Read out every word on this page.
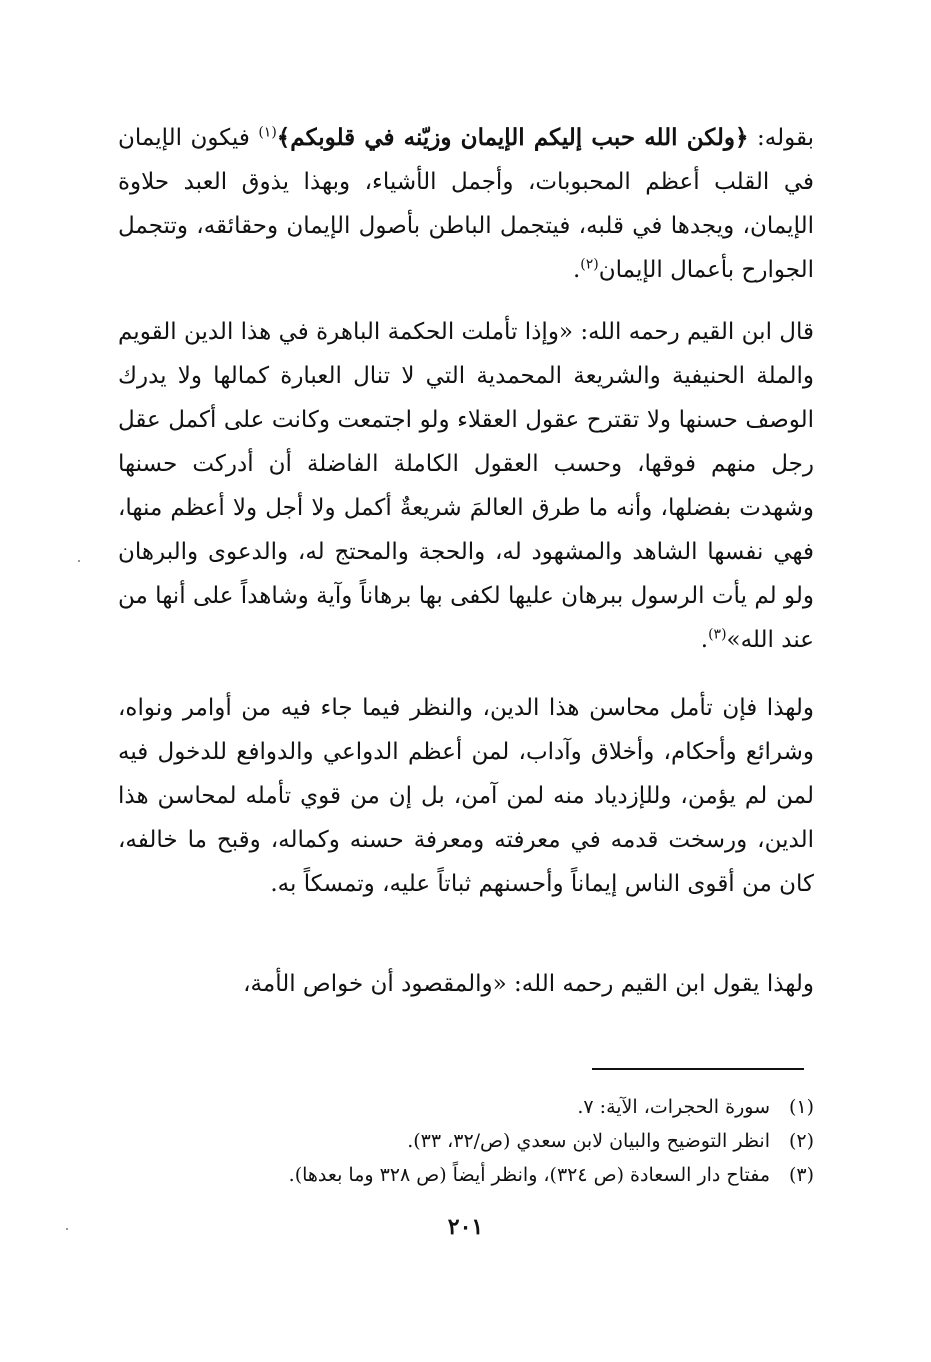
بقوله: ﴿ولكن الله حبب إليكم الإيمان وزيّنه في قلوبكم﴾$^{(١)}$ فيكون الإيمان في القلب أعظم المحبوبات، وأجمل الأشياء، وبهذا يذوق العبد حلاوة الإيمان، ويجدها في قلبه، فيتجمل الباطن بأصول الإيمان وحقائقه، وتتجمل الجوارح بأعمال الإيمان$^{(٢)}$.
قال ابن القيم رحمه الله: «وإذا تأملت الحكمة الباهرة في هذا الدين القويم والملة الحنيفية والشريعة المحمدية التي لا تنال العبارة كمالها ولا يدرك الوصف حسنها ولا تقترح عقول العقلاء ولو اجتمعت وكانت على أكمل عقل رجل منهم فوقها، وحسب العقول الكاملة الفاضلة أن أدركت حسنها وشهدت بفضلها، وأنه ما طرق العالمَ شريعةٌ أكمل ولا أجل ولا أعظم منها، فهي نفسها الشاهد والمشهود له، والحجة والمحتج له، والدعوى والبرهان ولو لم يأت الرسول ببرهان عليها لكفى بها برهاناً وآية وشاهداً على أنها من عند الله»$^{(٣)}$.
ولهذا فإن تأمل محاسن هذا الدين، والنظر فيما جاء فيه من أوامر ونواه، وشرائع وأحكام، وأخلاق وآداب، لمن أعظم الدواعي والدوافع للدخول فيه لمن لم يؤمن، وللإزدياد منه لمن آمن، بل إن من قوي تأمله لمحاسن هذا الدين، ورسخت قدمه في معرفته ومعرفة حسنه وكماله، وقبح ما خالفه، كان من أقوى الناس إيماناً وأحسنهم ثباتاً عليه، وتمسكاً به.
ولهذا يقول ابن القيم رحمه الله: «والمقصود أن خواص الأمة،
(١)سورة الحجرات، الآية: ٧.
(٢)انظر التوضيح والبيان لابن سعدي (ص/٣٢، ٣٣).
(٣)مفتاح دار السعادة (ص ٣٢٤)، وانظر أيضاً (ص ٣٢٨ وما بعدها).
٢٠١
